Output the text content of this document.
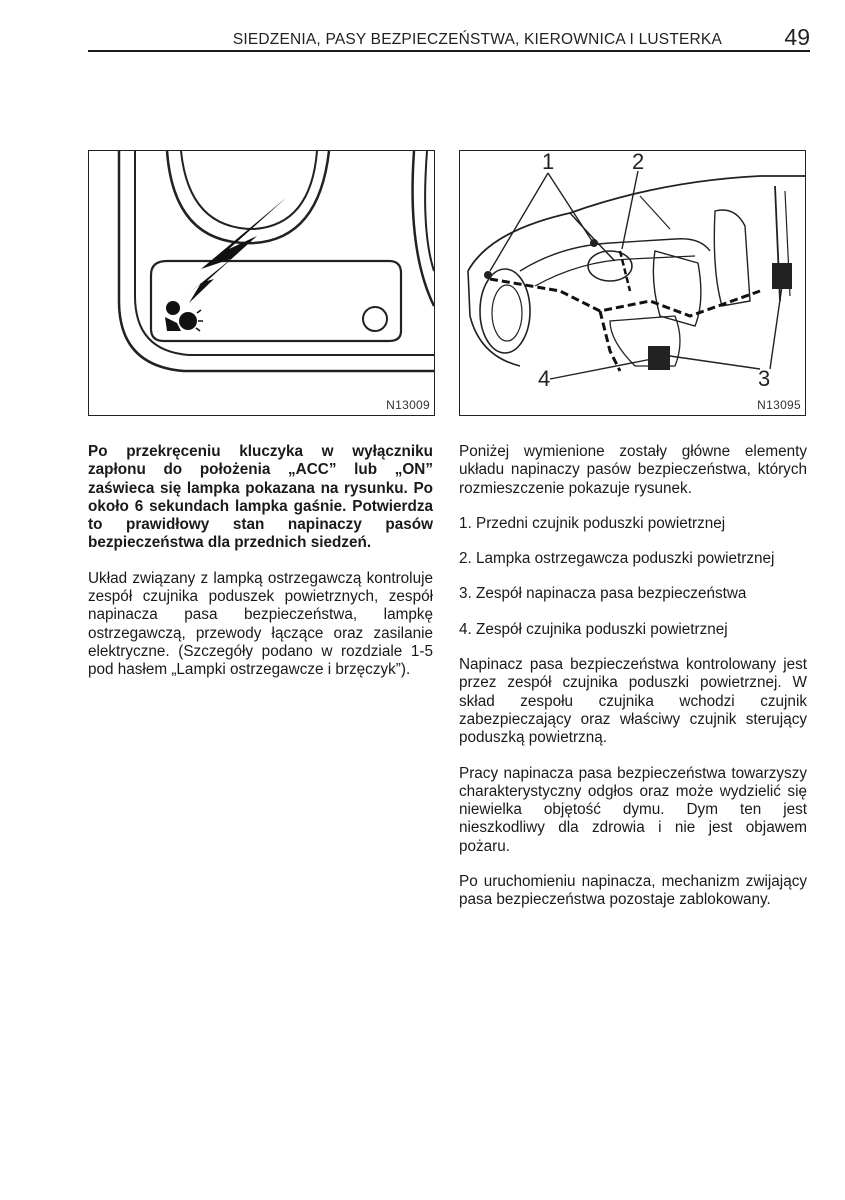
SIEDZENIA, PASY BEZPIECZEŃSTWA, KIEROWNICA I LUSTERKA	49
N13009
1	2
3
4
N13095

Po przekręceniu kluczyka w wyłączniku zapłonu do położenia „ACC” lub „ON” zaświeca się lampka pokazana na rysunku. Po około 6 sekundach lampka gaśnie. Potwierdza to prawidłowy stan napinaczy pasów bezpieczeństwa dla przednich siedzeń.

Układ związany z lampką ostrzegawczą kontroluje zespół czujnika poduszek powietrznych, zespół napinacza pasa bezpieczeństwa, lampkę ostrzegawczą, przewody łączące oraz zasilanie elektryczne. (Szczegóły podano w rozdziale 1-5 pod hasłem „Lampki ostrzegawcze i brzęczyk”).

Poniżej wymienione zostały główne elementy układu napinaczy pasów bezpieczeństwa, których rozmieszczenie pokazuje rysunek.

1. Przedni czujnik poduszki powietrznej

2. Lampka ostrzegawcza poduszki powietrznej

3. Zespół napinacza pasa bezpieczeństwa

4. Zespół czujnika poduszki powietrznej

Napinacz pasa bezpieczeństwa kontrolowany jest przez zespół czujnika poduszki powietrznej. W skład zespołu czujnika wchodzi czujnik zabezpieczający oraz właściwy czujnik sterujący poduszką powietrzną.

Pracy napinacza pasa bezpieczeństwa towarzyszy charakterystyczny odgłos oraz może wydzielić się niewielka objętość dymu. Dym ten jest nieszkodliwy dla zdrowia i nie jest objawem pożaru.

Po uruchomieniu napinacza, mechanizm zwijający pasa bezpieczeństwa pozostaje zablokowany.
